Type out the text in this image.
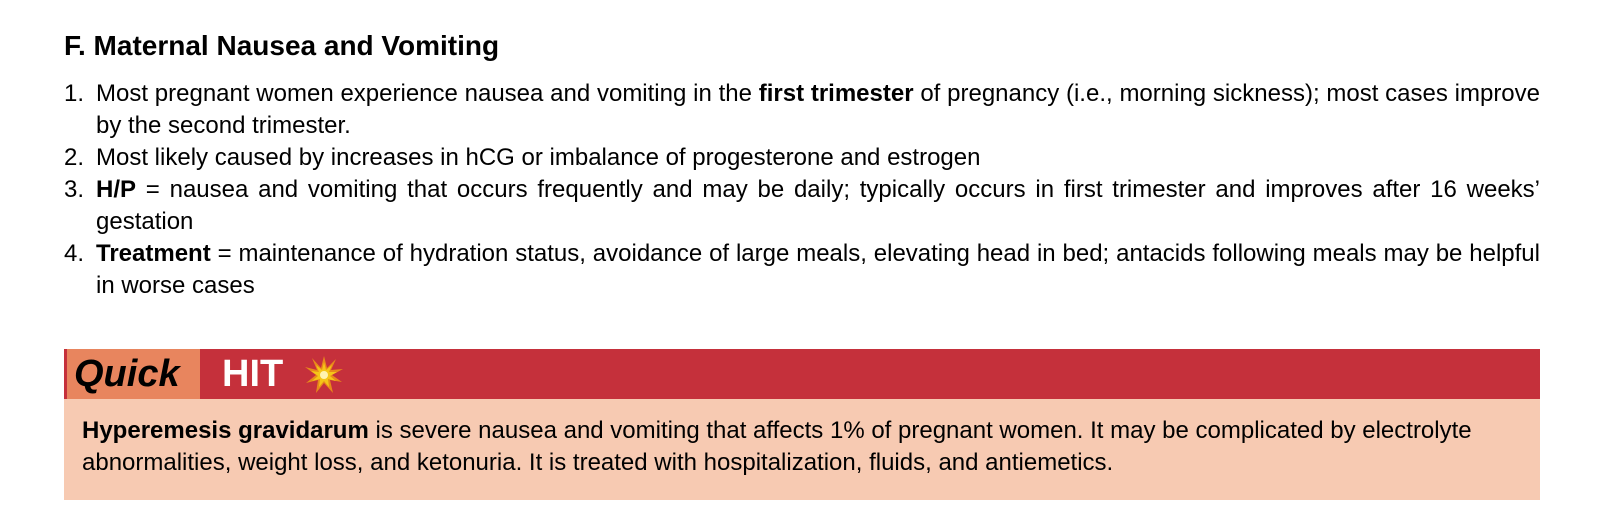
F. Maternal Nausea and Vomiting
1. Most pregnant women experience nausea and vomiting in the first trimester of pregnancy (i.e., morning sickness); most cases improve by the second trimester.
2. Most likely caused by increases in hCG or imbalance of progesterone and estrogen
3. H/P = nausea and vomiting that occurs frequently and may be daily; typically occurs in first trimester and improves after 16 weeks’ gestation
4. Treatment = maintenance of hydration status, avoidance of large meals, elevating head in bed; antacids following meals may be helpful in worse cases
Quick	HIT
Hyperemesis gravidarum is severe nausea and vomiting that affects 1% of pregnant women. It may be complicated by electrolyte abnormalities, weight loss, and ketonuria. It is treated with hospitalization, fluids, and antiemetics.
